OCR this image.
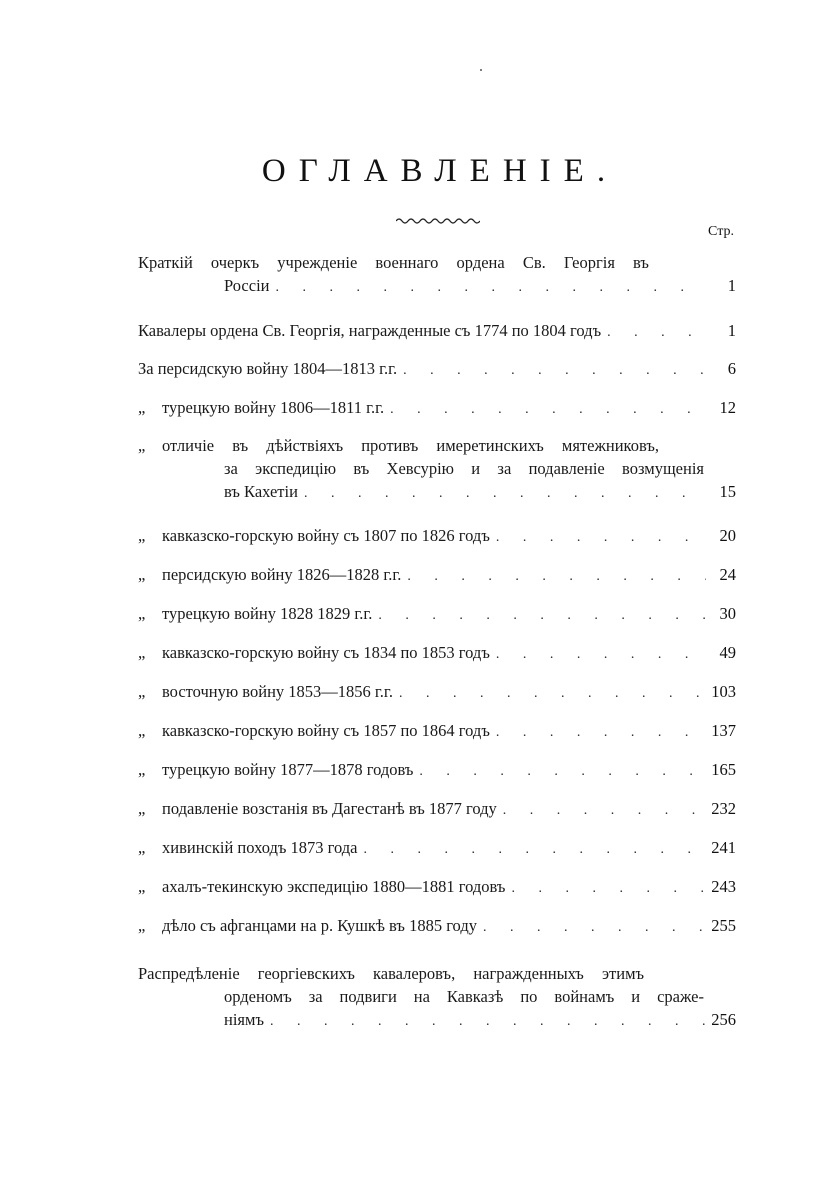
ОГЛАВЛЕНІЕ.
Стр.
Краткій очеркъ учрежденіе военнаго ордена Св. Георгія въ
Россіи . . .	1
Кавалеры ордена Св. Георгія, награжденные съ 1774 по 1804 годъ . . .	1
За персидскую войну 1804—1813 г.г. . . .	6
„	турецкую войну 1806—1811 г.г. . . .	12
„	отличіе въ дѣйствіяхъ противъ имеретинскихъ мятежниковъ,
за экспедицію въ Хевсурію и за подавленіе возмущенія
въ Кахетіи . . .	15
„	кавказско-горскую войну съ 1807 по 1826 годъ . . .	20
„	персидскую войну 1826—1828 г.г. . . .	24
„	турецкую войну 1828 1829 г.г. . . .	30
„	кавказско-горскую войну съ 1834 по 1853 годъ . . .	49
„	восточную войну 1853—1856 г.г. . . .	103
„	кавказско-горскую войну съ 1857 по 1864 годъ . . .	137
„	турецкую войну 1877—1878 годовъ . . .	165
„	подавленіе возстанія въ Дагестанѣ въ 1877 году . . .	232
„	хивинскій походъ 1873 года . . .	241
„	ахалъ-текинскую экспедицію 1880—1881 годовъ . . .	243
„	дѣло съ афганцами на р. Кушкѣ въ 1885 году . . .	255
Распредѣленіе георгіевскихъ кавалеровъ, награжденныхъ этимъ
орденомъ за подвиги на Кавказѣ по войнамъ и сраже-
ніямъ . . .	256
